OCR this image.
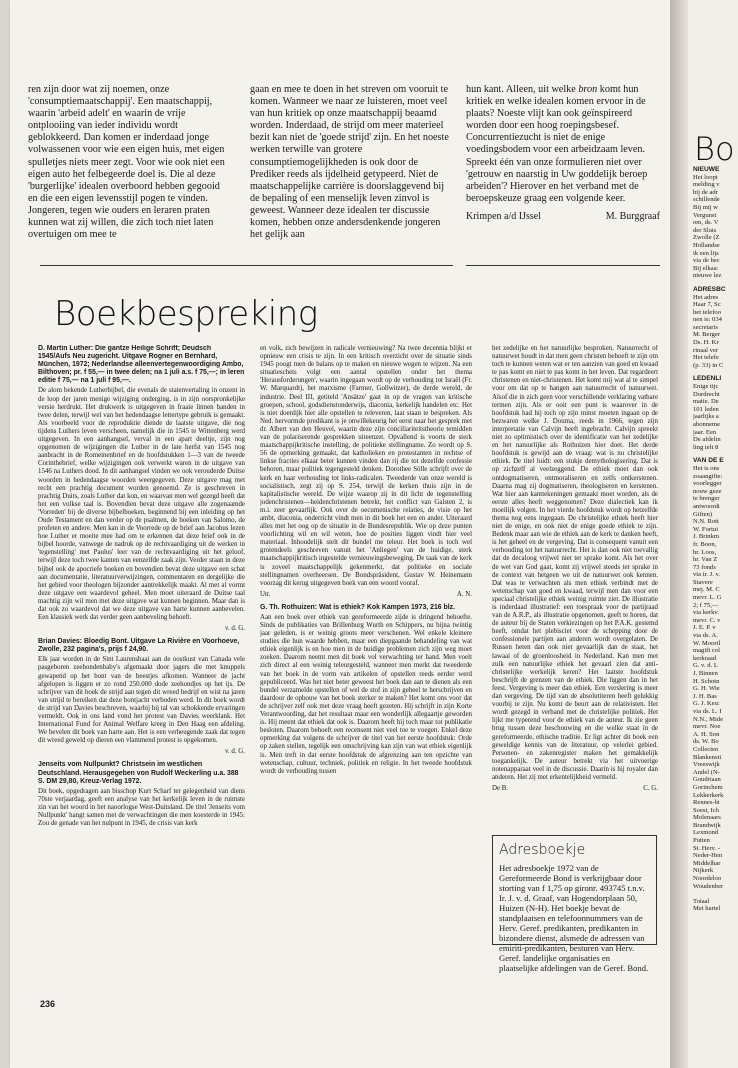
ren zijn door wat zij noemen, onze 'consumptiemaatschappij'. Een maatschappij, waarin 'arbeid adelt' en waarin de vrije ontplooiing van ieder individu wordt geblokkeerd. Dan komen er inderdaad jonge volwassenen voor wie een eigen huis, met eigen spulletjes niets meer zegt. Voor wie ook niet een eigen auto het felbegeerde doel is. Die al deze 'burgerlijke' idealen overboord hebben gegooid en die een eigen levensstijl pogen te vinden. Jongeren, tegen wie ouders en leraren praten kunnen wat zij willen, die zich toch niet laten overtuigen om mee te

gaan en mee te doen in het streven om vooruit te komen. Wanneer we naar ze luisteren, moet veel van hun kritiek op onze maatschappij beaamd worden. Inderdaad, de strijd om meer materieel bezit kan niet de 'goede strijd' zijn. En het noeste werken terwille van grotere consumptiemogelijkheden is ook door de Prediker reeds als ijdelheid getypeerd. Niet de maatschappelijke carrière is doorslaggevend bij de bepaling of een menselijk leven zinvol is geweest. Wanneer deze idealen ter discussie komen, hebben onze andersdenkende jongeren het gelijk aan

hun kant. Alleen, uit welke bron komt hun kritiek en welke idealen komen ervoor in de plaats? Noeste vlijt kan ook geïnspireerd worden door een hoog roepingsbesef. Concurrentiezucht is niet de enige voedingsbodem voor een arbeidzaam leven. Spreekt één van onze formulieren niet over 'getrouw en naarstig in Uw goddelijk beroep arbeiden'? Hierover en het verband met de beroepskeuze graag een volgende keer.

Krimpen a/d IJssel	M. Burggraaf
Boekbespreking

D. Martin Luther: Die gantze Heilige Schrift; Deudsch 1545/Aufs Neu zugericht. Uitgave Rogner en Bernhard, München, 1972; Nederlandse alleenvertegenwoordiging Ambo, Bilthoven; pr. f 55,— in twee delen; na 1 juli a.s. f 75,—; in leren editie f 75,— na 1 juli f 95,—.

De alom bekende Lutherbijbel, die evenals de statenvertaling in onzent in de loop der jaren menige wijziging onderging, is in zijn oorspronkelijke versie herdrukt. Het drukwerk is uitgegeven in fraaie linnen banden in twee delen, terwijl wel van het hedendaagse lettertype gebruik is gemaakt. Als voorbeeld voor de reproduktie diende de laatste uitgave, die nog tijdens Luthers leven verscheen, namelijk die in 1545 te Wittenberg werd uitgegeven. In een aanhangsel, verval in een apart deeltje, zijn nog opgenomen de wijzigingen die Luther in de late herfst van 1545 nog aanbracht in de Romeinenbrief en de hoofdstukken 1—3 van de tweede Corinthebrief, welke wijzigingen ook verwerkt waren in de uitgave van 1546 na Luthers dood. In dit aanhangsel vinden we ook verouderde Duitse woorden in hedendaagse woorden weergegeven. Deze uitgave mag met recht een prachtig document worden genoemd. Ze is geschreven in prachtig Duits, zoals Luther dat kon, en waarvan men wel gezegd heeft dat het een volkse taal is. Bovendien bevat deze uitgave alle zogenaamde 'Vorreden' bij de diverse bijbelboeken, beginnend bij een inleiding op het Oude Testament en dan verder op de psalmen, de boeken van Salomo, de profeten en andere. Men kan in de Voorrede op de brief aan Jacobus lezen hoe Luther er moeite mee had om te erkennen dat deze brief ook in de bijbel hoorde, vanwege de nadruk op de rechtvaardiging uit de werken in 'tegenstelling' met Paulus' leer van de rechtvaardiging uit het geloof, terwijl deze toch twee kanten van eenzelfde zaak zijn. Verder staan in deze bijbel ook de apocriefe boeken en bovendien bevat deze uitgave een schat aan documentatie, literatuurverwijzingen, commentaren en dergelijke die het gebied voor theologen bijzonder aantrekkelijk maakt. Al met al vormt deze uitgave een waardevol geheel. Men moet uiteraard de Duitse taal machtig zijn wil men met deze uitgave wat kunnen beginnen. Maar dan is dat ook zo waardevol dat we deze uitgave van harte kunnen aanbevelen. Een klassiek werk dat verder geen aanbeveling behoeft.

v. d. G.

Brian Davies: Bloedig Bont. Uitgave La Rivière en Voorhoeve, Zwolle, 232 pagina's, prijs f 24,90.

Elk jaar worden in de Sint Laurensbaai aan de oostkust van Canada vele pasgeboren zeehondenbaby's afgemaakt door jagers die met knuppels gewapend op het bont van de beestjes afkomen. Wanneer de jacht afgelopen is liggen er zo rond 250.000 dode zeehondjes op het ijs. De schrijver van dit boek de strijd aan tegen dit wreed bedrijf en wist na jaren van strijd te bereiken dat deze bontjacht verboden werd. In dit boek wordt de strijd van Davies beschreven, waarbij hij tal van schokkende ervaringen vermeldt. Ook in ons land vond het protest van Davies weerklank. Het International Fund for Animal Welfare kreeg in Den Haag een afdeling. We bevelen dit boek van harte aan. Het is een verheugende zaak dat tegen dit wreed geweld op dieren een vlammend protest is opgekomen.

v. d. G.

Jenseits vom Nullpunkt? Christsein im westlichen Deutschland. Herausgegeben von Rudolf Weckerling u.a. 388 S. DM 29,80, Kreuz-Verlag 1972.

Dit boek, opgedragen aan bisschop Kurt Scharf ter gelegenheid van diens 70ste verjaardag, geeft een analyse van het kerkelijk leven in de ruimste zin van het woord in het naoorlogse West-Duitsland. De titel 'Jenseits vom Nullpunkt' hangt samen met de verwachtingen die men koesterde in 1945: Zou de genade van het nulpunt in 1945, de crisis van kerk

en volk, zich bewijzen in radicale vernieuwing? Na twee decennia blijkt er opnieuw een crisis te zijn. In een kritisch overzicht over de situatie sinds 1945 poogt men de balans op te maken en nieuwe wegen te wijzen. Na een situatieschets volgt een aantal opstellen onder het thema 'Herausforderungen', waarin ingegaan wordt op de verhouding tot Israël (Fr. W. Marquardt), het marxisme (Farmer, Gollwitzer), de derde wereld, de industrie. Deel III, getiteld 'Ansätze' gaat in op de vragen van kritische groepen, school, godsdienstonderwijs, diaconia, kerkelijk handelen etc. Het is niet doenlijk hier alle opstellen te releveren, laat staan te bespreken. Als Ned. hervormde predikant is je onwillekeurig het eerst naar het gesprek met dr. Albert van den Heuvel, waarin deze zijn conciliariteitstheorie temidden van de polariserende gesprekken uiteenzet. Opvallend is voorts de sterk maatschappijkritische instelling, de politieke stellingname. Zo wordt op S. 56 de opmerking gemaakt, dat katholieken en protestanten in rechtse of linkse fracties elkaar beter kunnen vinden dan rij die tot dezelfde confessie behoren, maar politiek tegengesteld denken. Dorothee Sölle schrijft over de kerk en haar verhouding tot links-radicalen. Tweederde van onze wereld is socialistisch, zegt zij op S. 254, terwijl de kerken thuis zijn in de kapitalistische wereld. De wijze waarop zij in dit licht de tegenstelling jodenchristenen—heidenchristenen betrekt, het conflict van Galsten 2, is m.i. zeer gevaarlijk. Ook over de oecumenische relaties, de visie op het ambt, diaconia, onderricht vindt men in dit boek het een en ander. Uiteraard alles met het oog op de situatie in de Bundesrepublik. Wie op deze punten voorlichting wil en wil weten, hoe de posities liggen vindt hier veel materiaal. Inhoudelijk stelt dit bundel me teleur. Het boek is toch wel grotendeels geschreven vanuit het 'Anliegen' van de huidige, sterk maatschappijkritisch ingestelde vernieuwingsbeweging. De taak van de kerk is zoveel maatschappelijk gekenmerkt, dat politieke en sociale stellingnamen overheersen. De Bondspräsident, Gustav W. Heinemann voorzag dit kerug uitgegeven boek van een woord vooraf.

Utr.	A. N.

G. Th. Rothuizen: Wat is ethiek? Kok Kampen 1973, 216 blz.

Aan een boek over ethiek van gereformeerde zijde is dringend behoefte. Sinds de publikaties van Brillenburg Wurth en Schippers, nu bijna twintig jaar geleden, is er weinig groots meer verschenen. Wel enkele kleinere studies die hun waarde hebben, maar een diepgaande behandeling van wat ethiek eigenlijk is en hoe men in de huidige problemen zich zijn weg moet zoeken. Daarom neemt men dit boek vol verwachting ter hand. Men voelt zich direct al een weinig teleurgesteld, wanneer men merkt dat tweederde van het boek in de vorm van artikelen of opstellen reeds eerder werd gepubliceerd. Was het niet beter geweest het boek dan aan te dienen als een bundel verzamelde opstellen of wel de stof in zijn geheel te herschrijven en daardoor de opbouw van het boek sterker te maken? Het komt ons voor dat de schrijver zelf ook met deze vraag heeft gezeten. Hij schrijft in zijn Korte Verantwoording, dat het resultaat maar een wonderlijk allegaartje geworden is. Hij meent dat ethiek dat ook is. Daarom heeft hij toch maar tot publikatie besloten. Daarom behoeft een recensent niet veel toe te voegen. Enkel deze opmerking dat volgens de schrijver de titel van het eerste hoofdstuk: Orde op zaken stellen, tegelijk een omschrijving kan zijn van wat ethiek eigenlijk is. Men treft in dat eerste hoofdstuk de afgrenzing aan ten opzichte van wetenschap, cultuur, techniek, politiek en religie. In het tweede hoofdstuk wordt de verhouding tussen

het zedelijke en het natuurlijke besproken. Natuurrecht of natuurwet houdt in dat men geen christen behoeft te zijn om toch te kunnen weten wat er ten aanzien van goed en kwaad te pas komt en niet te pas komt in het leven. Dat regardeert christenen en niet-christenen. Het komt mij wat al te simpel voor om dat op te hangen aan natuurrecht of natuurwet. Alsof die in zich geen voor verschillende verklaring vatbare termen zijn. Als er ooit een punt is waarover in de hoofdstuk had hij toch op zijn minst moeten ingaan op de bezwaren welke J. Douma, reeds in 1966, tegen zijn interpretatie van Calvijn heeft ingebracht. Calvijn spreekt niet zo optimistisch over de identificatie van het zedelijke en het natuurlijke als Rothuizen hier doet. Het derde hoofdstuk is gewijd aan de vraag: wat is nu christelijke ethiek. De titel luidt: een stukje demythologisering. Dat is op zichzelf al veelzeggend. De ethiek moet dan ook ontdogmatiseren, ontmoraliseren en zelfs ontkerstenen. Daarna mag zij dogmatiseren, theologiseren en kerstenen. Wat hier aan kanttekeningen gemaakt moet worden, als de eerste alles heeft weggenomen? Deze dialectiek kan ik moeilijk volgen. In het vierde hoofdstuk wordt op hetzelfde thema nog eens ingegaan. De christelijke ethiek heeft hier niet de enige, en ook niet de enige goede ethiek te zijn. Bedenk maar aan wie de ethiek aan de kerk te danken heeft, is het geheel en de vergeving. Dat is consequent vanuit een verhouding tot het natuurrecht. Het is dan ook niet toevallig dat de decaloog vrijwel niet ter sprake komt. Als het over de wet van God gaat, komt zij vrijwel steeds ter sprake in de context van hetgeen we uit de natuurwet ook kennen. Dat was te verwachten als men ethiek verbindt met de wetenschap van goed en kwaad, terwijl men dan voor een speciaal christelijke ethiek weinig ruimte ziet. De illustratie is inderdaad illustratief: een toespraak voor de partijraad van de A.R.P., als illustratie opgenomen, geeft te horen, dat de auteur bij de Staten verkiezingen op het P.A.K. gestemd heeft, omdat het plebisciet voor de schepping door de confessionele partijen aan anderen wordt overgelaten. De Russen heten dan ook niet gevaarlijk dan de staat, het lawaai of de groenloosheid in Nederland. Kan men met zulk een natuurlijke ethiek het gevaarl zien dat anti-christelijke werkelijk keren? Het laatste hoofdstuk beschrijft de grenzen van de ethiek. Die liggen dan in het feest. Vergeving is meer dan ethiek. Een verslering is meer dan vergeving. De tijd van de absolutiteren heeft gelukkig voorbij te zijn. Nu komt de beurt aan de relativisten. Het wordt gezegd in verband met de christelijke politiek. Het lijkt me typerend voor de ethiek van de auteur. Ik zie geen brug tussen deze beschouwing en die welke staat in de gereformeerde, ethische traditie. Er ligt achter dit boek een geweldige kennis van de literatuur, op velerlei gebied. Personen- en zakenregister maken het gemakkelijk toegankelijk. De auteur betrekt via het uitvoerige notenapparaat veel in de discussie. Daarin is hij royaler dan anderen. Het zij met erkentelijkheid vermeld.

De B.	C. G.
Adresboekje

Het adresboekje 1972 van de Gereformeerde Bond is verkrijgbaar door storting van f 1,75 op gironr. 493745 t.n.v. Ir. J. v. d. Graaf, van Hogendorplaan 50, Huizen (N-H). Het boekje bevat de standplaatsen en telefoonnummers van de Herv. Geref. predikanten, predikanten in bizondere dienst, alsmede de adressen van emiriti-predikanten, besturen van Herv. Geref. landelijke organisaties en plaatselijke afdelingen van de Geref. Bond.

236
Bo
NIEUWE
Het loopt
melding v
bij de adr
schillende
Bij mij w
Vergunst
om, ds. V
der Sluis
Zwolle (Z
Hollandse
ik een lijs
via de bec
Bij elkaa:
nieuwe lez
ADRESBC
Het adres
Haar 7, Sc
het telefoo
nen is: 034
secretaris
M. Berger
Ds. H. Kr
rinaal ver
Het telefe
(p. 33) in C
LEDENLI
Enige tijc
Dordrecht
matie. De
101 leden
jaarlijks a
abonneme
jaar. Een
De afdelin
ling telt 8
VAN DE E
Het is ons
zoaangifte:
voorlegger
nouw geze
te brenger
antwoordi
Giften)
N.N. Rott
W. Fortui
J. Brinkm
fr. Boon,
hr. Loos,
hr. Van Z
73 fonds
via ir. J. v.
Stavere
mej. M. C
mevr. L. G
2; f 75,—
via kerkv.
mevr. C. v
J. E. P. v
via ds. A.
W. Mooril
magift col
kerkraad
G. v. d. L
J. Binnen
H. Schotn
G. H. Wie
J. H. Bas
G. J. Keu:
via ds. L. I
N.N., Mide
mevr. Noe
A. H. Son
ds. W. Bo
Collecten
Blankensti
Vreeswijk
Andel (N-
Goudriaan
Gorinchem
Lekkerkerk
Rennes-bi
Soest, Ich
Molenaars
Brandwijk
Lexmond
Putten
St. Herv. -
Neder-Hen
Middelhar
Nijkerk
Noordeloo
Woudenber

Totaal
Met hartel
